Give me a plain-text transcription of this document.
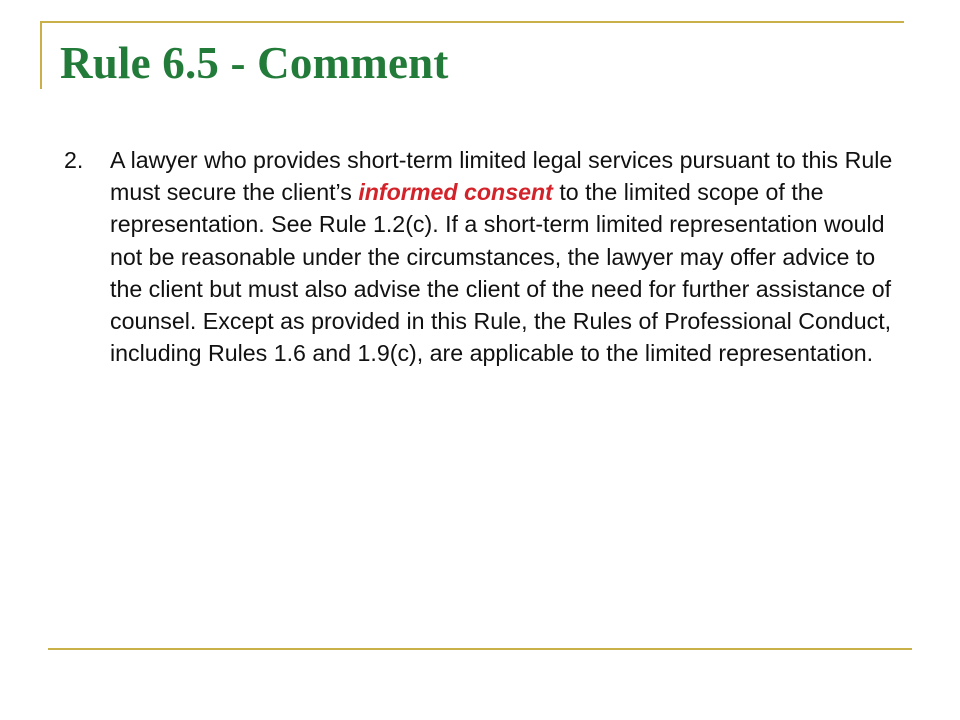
Rule 6.5 - Comment
2. A lawyer who provides short-term limited legal services pursuant to this Rule must secure the client’s informed consent to the limited scope of the representation. See Rule 1.2(c). If a short-term limited representation would not be reasonable under the circumstances, the lawyer may offer advice to the client but must also advise the client of the need for further assistance of counsel. Except as provided in this Rule, the Rules of Professional Conduct, including Rules 1.6 and 1.9(c), are applicable to the limited representation.
